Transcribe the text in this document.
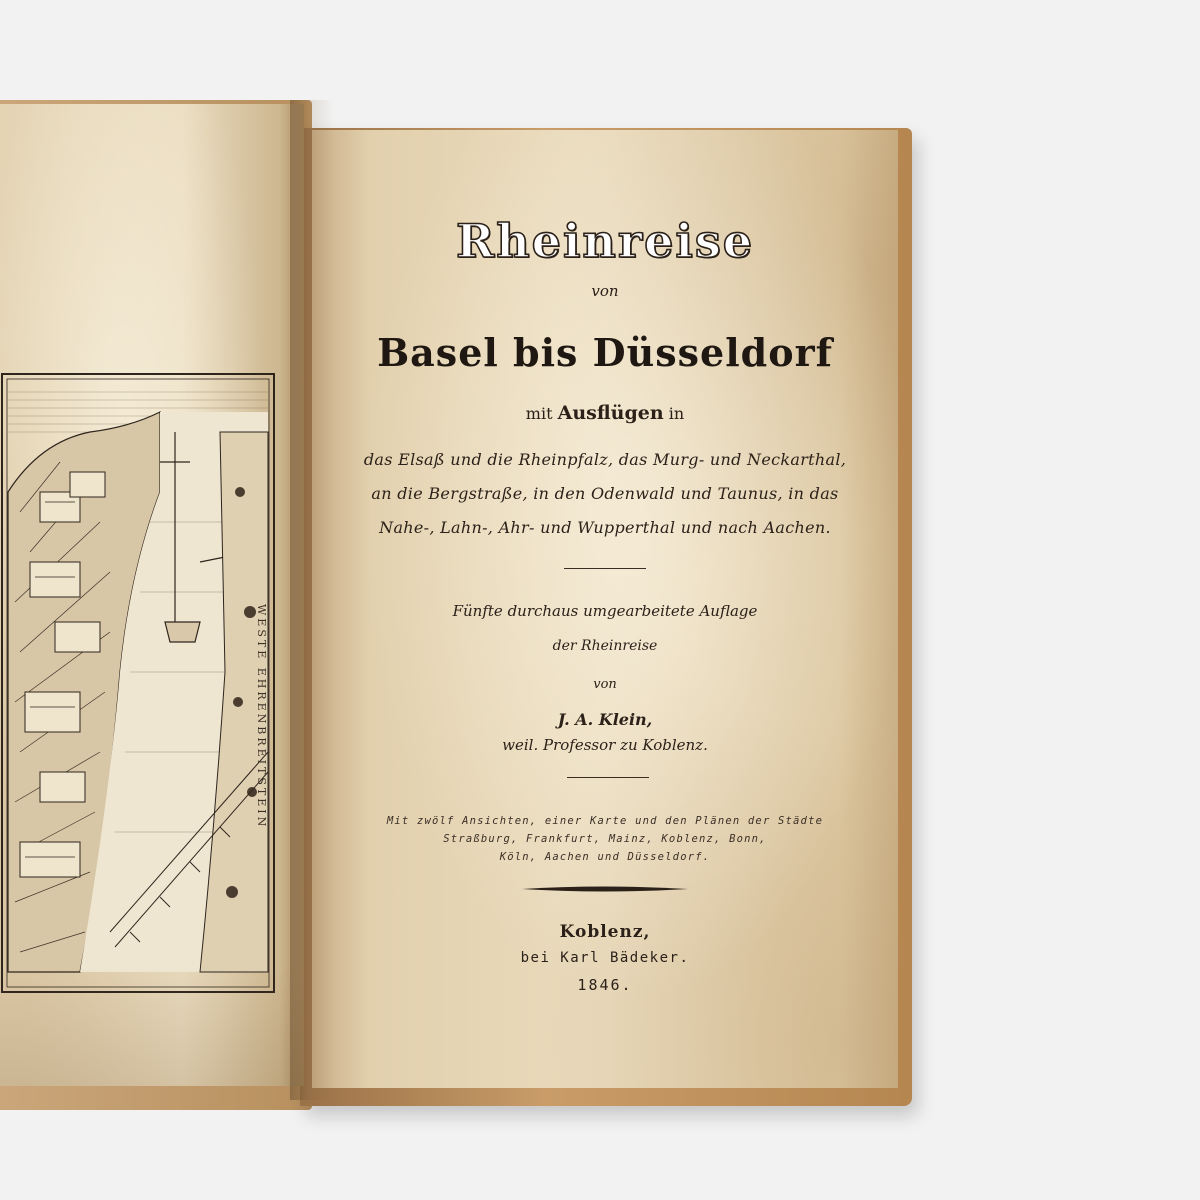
WESTE EHRENBREITSTEIN
Rheinreise
von
Basel bis Düsseldorf
mit Ausflügen in
das Elsaß und die Rheinpfalz, das Murg- und Neckarthal,
an die Bergstraße, in den Odenwald und Taunus, in das
Nahe-, Lahn-, Ahr- und Wupperthal und nach Aachen.
Fünfte durchaus umgearbeitete Auflage
der Rheinreise
von
J. A. Klein,
weil. Professor zu Koblenz.
Mit zwölf Ansichten, einer Karte und den Plänen der Städte
Straßburg, Frankfurt, Mainz, Koblenz, Bonn,
Köln, Aachen und Düsseldorf.
Koblenz,
bei Karl Bädeker.
1846.
